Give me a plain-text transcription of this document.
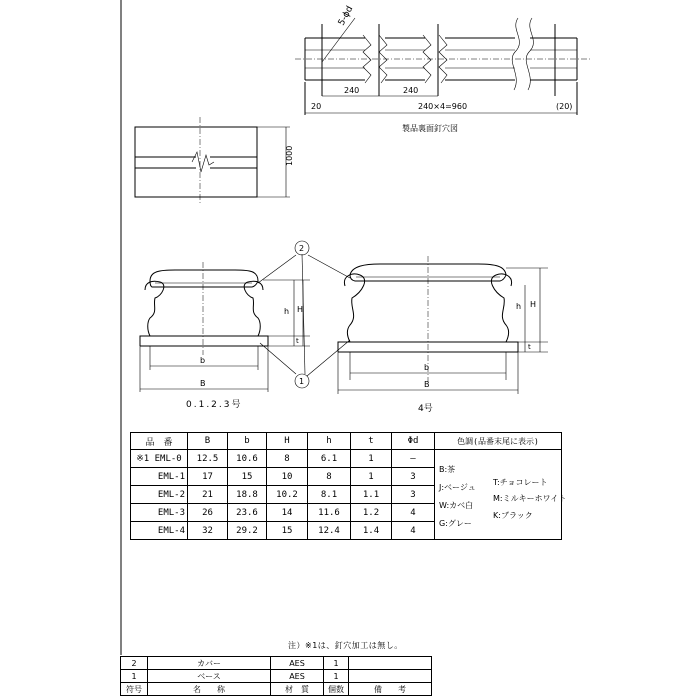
5-ϕd
240	240
20	240×4=960	(20)
製品裏面釘穴図
1000
h H
t
b
B
0.1.2.3号
h H
t
b
B
4号
2
1
品　番	B	b	H	h	t	Φd	色調(品番末尾に表示)
※1 EML-0	12.5	10.6	8	6.1	1	—	
EML-1	17	15	10	8	1	3	
EML-2	21	18.8	10.2	8.1	1.1	3	
EML-3	26	23.6	14	11.6	1.2	4	
EML-4	32	29.2	15	12.4	1.4	4	
B:茶
J:ベージュ
W:カベ白
G:グレー
T:チョコレート
M:ミルキーホワイト
K:ブラック
注）※1は、釘穴加工は無し。
2	カバー	AES	1	
1	ベース	AES	1	
符号	名　　称	材　質	個数	備　　考
